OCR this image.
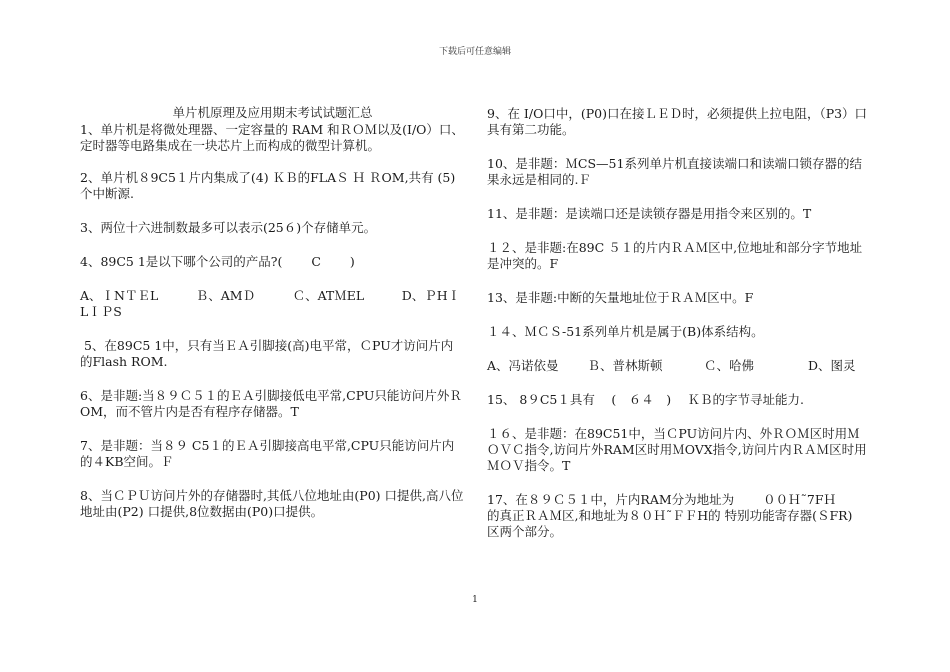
下载后可任意编辑

单片机原理及应用期末考试试题汇总

1、单片机是将微处理器、一定容量的 RAM 和ＲＯＭ以及(I/O）口、定时器等电路集成在一块芯片上而构成的微型计算机。

2、单片机８9C5１片内集成了(4) ＫＢ的FLAＳ Ｈ ＲOM,共有 (5)个中断源.

3、两位十六进制数最多可以表示(25６)个存储单元。

4、89C5 1是以下哪个公司的产品?(　　 C　　 )

A、ＩNＴＥL　　　Ｂ、AMＤ　　　Ｃ、ATＭEL　　　D、ＰHＩLＩＰS

5、在89C5 1中，只有当ＥＡ引脚接(高)电平常，ＣPU才访问片内的Flash ROM.

6、是非题:当８９Ｃ５１的ＥＡ引脚接低电平常,CPU只能访问片外ＲOM，而不管片内是否有程序存储器。T

7、是非题：当８９ C5１的ＥＡ引脚接高电平常,CPU只能访问片内的４KB空间。Ｆ

8、当ＣＰＵ访问片外的存储器时,其低八位地址由(P0) 口提供,高八位地址由(P2) 口提供,8位数据由(P0)口提供。

9、在 I/O口中，(P0)口在接ＬＥＤ时，必须提供上拉电阻，（P3）口具有第二功能。

10、是非题：ＭCS—51系列单片机直接读端口和读端口锁存器的结果永远是相同的.Ｆ

11、是非题：是读端口还是读锁存器是用指令来区别的。T

１２、是非题:在89C ５１的片内ＲＡＭ区中,位地址和部分字节地址是冲突的。F

13、是非题:中断的矢量地址位于ＲＡＭ区中。F

１４、ＭＣＳ-51系列单片机是属于(B)体系结构。

A、冯诺依曼　　 Ｂ、普林斯顿　　　 Ｃ、哈佛　　　　 D、图灵

15、 8９C5１具有　 (　６４　)　 ＫＢ的字节寻址能力.

１６、是非题：在89C51中，当ＣPU访问片内、外ＲＯＭ区时用ＭＯＶＣ指令,访问片外RAM区时用ＭOVX指令,访问片内ＲＡＭ区时用ＭＯＶ指令。T

17、在８９Ｃ５１中，片内RAM分为地址为　　 ００Ｈ˜7FＨ　　 的真正ＲＡＭ区,和地址为８０Ｈ˜ＦＦH的 特别功能寄存器(ＳFR)　区两个部分。

1
